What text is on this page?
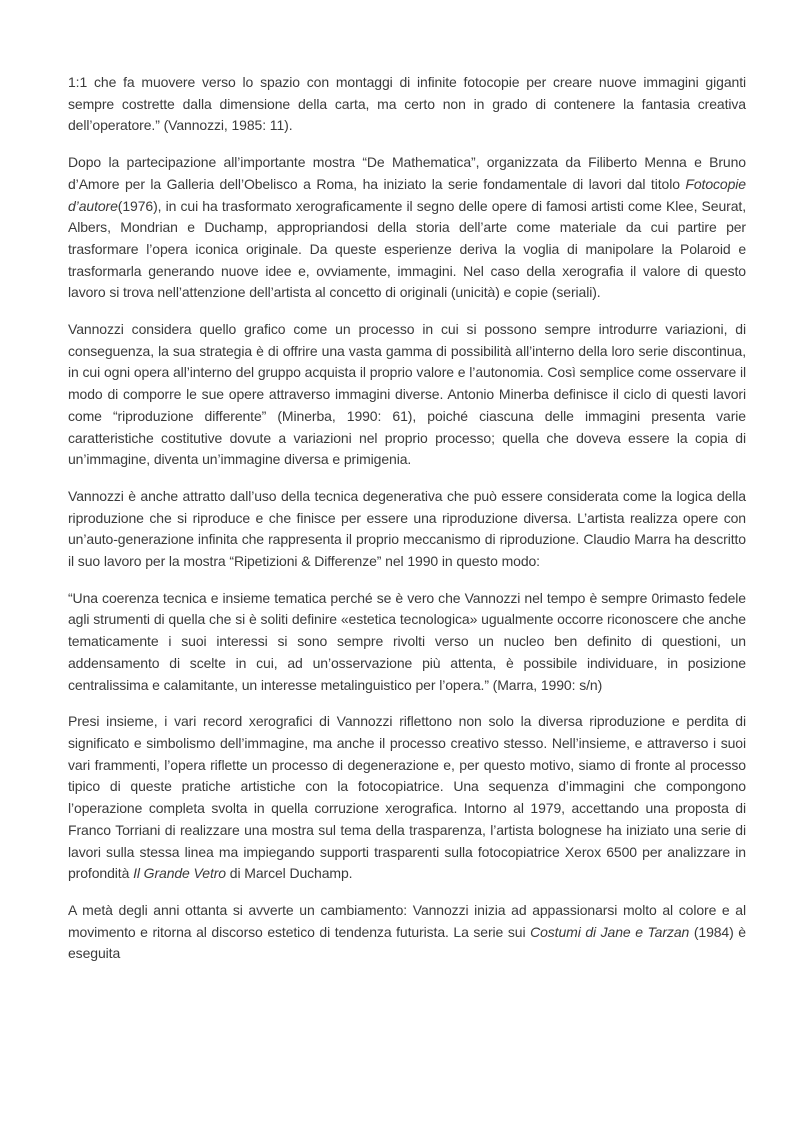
1:1 che fa muovere verso lo spazio con montaggi di infinite fotocopie per creare nuove immagini giganti sempre costrette dalla dimensione della carta, ma certo non in grado di contenere la fantasia creativa dell’operatore.” (Vannozzi, 1985: 11).

Dopo la partecipazione all’importante mostra “De Mathematica”, organizzata da Filiberto Menna e Bruno d’Amore per la Galleria dell’Obelisco a Roma, ha iniziato la serie fondamentale di lavori dal titolo Fotocopie d’autore(1976), in cui ha trasformato xerograficamente il segno delle opere di famosi artisti come Klee, Seurat, Albers, Mondrian e Duchamp, appropriandosi della storia dell’arte come materiale da cui partire per trasformare l’opera iconica originale. Da queste esperienze deriva la voglia di manipolare la Polaroid e trasformarla generando nuove idee e, ovviamente, immagini. Nel caso della xerografia il valore di questo lavoro si trova nell’attenzione dell’artista al concetto di originali (unicità) e copie (seriali).

Vannozzi considera quello grafico come un processo in cui si possono sempre introdurre variazioni, di conseguenza, la sua strategia è di offrire una vasta gamma di possibilità all’interno della loro serie discontinua, in cui ogni opera all’interno del gruppo acquista il proprio valore e l’autonomia. Così semplice come osservare il modo di comporre le sue opere attraverso immagini diverse. Antonio Minerba definisce il ciclo di questi lavori come “riproduzione differente” (Minerba, 1990: 61), poiché ciascuna delle immagini presenta varie caratteristiche costitutive dovute a variazioni nel proprio processo; quella che doveva essere la copia di un’immagine, diventa un’immagine diversa e primigenia.

Vannozzi è anche attratto dall’uso della tecnica degenerativa che può essere considerata come la logica della riproduzione che si riproduce e che finisce per essere una riproduzione diversa. L’artista realizza opere con un’auto-generazione infinita che rappresenta il proprio meccanismo di riproduzione. Claudio Marra ha descritto il suo lavoro per la mostra “Ripetizioni & Differenze” nel 1990 in questo modo:

“Una coerenza tecnica e insieme tematica perché se è vero che Vannozzi nel tempo è sempre 0rimasto fedele agli strumenti di quella che si è soliti definire «estetica tecnologica» ugualmente occorre riconoscere che anche tematicamente i suoi interessi si sono sempre rivolti verso un nucleo ben definito di questioni, un addensamento di scelte in cui, ad un’osservazione più attenta, è possibile individuare, in posizione centralissima e calamitante, un interesse metalinguistico per l’opera.” (Marra, 1990: s/n)

Presi insieme, i vari record xerografici di Vannozzi riflettono non solo la diversa riproduzione e perdita di significato e simbolismo dell’immagine, ma anche il processo creativo stesso. Nell’insieme, e attraverso i suoi vari frammenti, l’opera riflette un processo di degenerazione e, per questo motivo, siamo di fronte al processo tipico di queste pratiche artistiche con la fotocopiatrice. Una sequenza d’immagini che compongono l’operazione completa svolta in quella corruzione xerografica. Intorno al 1979, accettando una proposta di Franco Torriani di realizzare una mostra sul tema della trasparenza, l’artista bolognese ha iniziato una serie di lavori sulla stessa linea ma impiegando supporti trasparenti sulla fotocopiatrice Xerox 6500 per analizzare in profondità Il Grande Vetro di Marcel Duchamp.

A metà degli anni ottanta si avverte un cambiamento: Vannozzi inizia ad appassionarsi molto al colore e al movimento e ritorna al discorso estetico di tendenza futurista. La serie sui Costumi di Jane e Tarzan (1984) è eseguita
